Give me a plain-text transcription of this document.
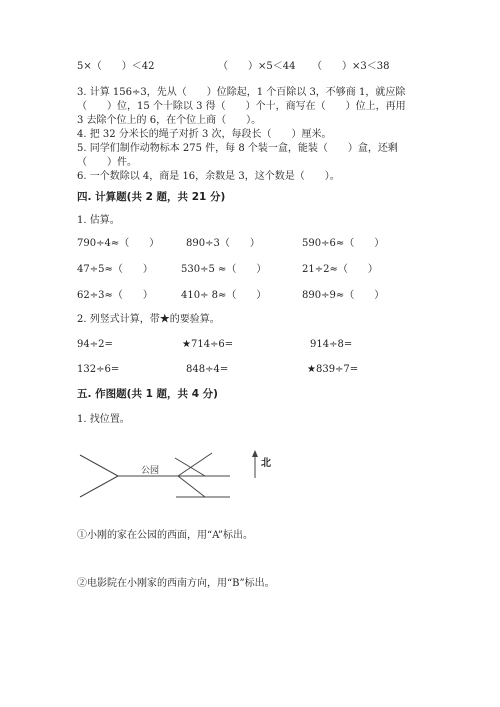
5×（　　）＜42	（　　）×5＜44 （　　）×3＜38
3. 计算 156÷3，先从（　　）位除起，1 个百除以 3，不够商 1，就应除
（　　）位，15 个十除以 3 得（　　）个十，商写在（　　）位上，再用
3 去除个位上的 6，在个位上商（　　）。
4. 把 32 分米长的绳子对折 3 次，每段长（　　）厘米。
5. 同学们制作动物标本 275 件，每 8 个装一盒，能装（　　）盒，还剩
（　　）件。
6. 一个数除以 4，商是 16，余数是 3，这个数是（　　）。
四. 计算题(共 2 题，共 21 分)
1. 估算。
790÷4≈（　　）	890÷3（　　）	590÷6≈（　　）
47÷5≈（　　）	530÷5 ≈（　　）	21÷2≈（　　）
62÷3≈（　　）	410÷ 8≈（　　）	890÷9≈（　　）
2. 列竖式计算，带★的要验算。
94÷2=	★714÷6=	914÷8=
132÷6=	848÷4=	★839÷7=
五. 作图题(共 1 题，共 4 分)
1. 找位置。
公园
北
①小刚的家在公园的西面，用“A”标出。
②电影院在小刚家的西南方向，用“B”标出。
